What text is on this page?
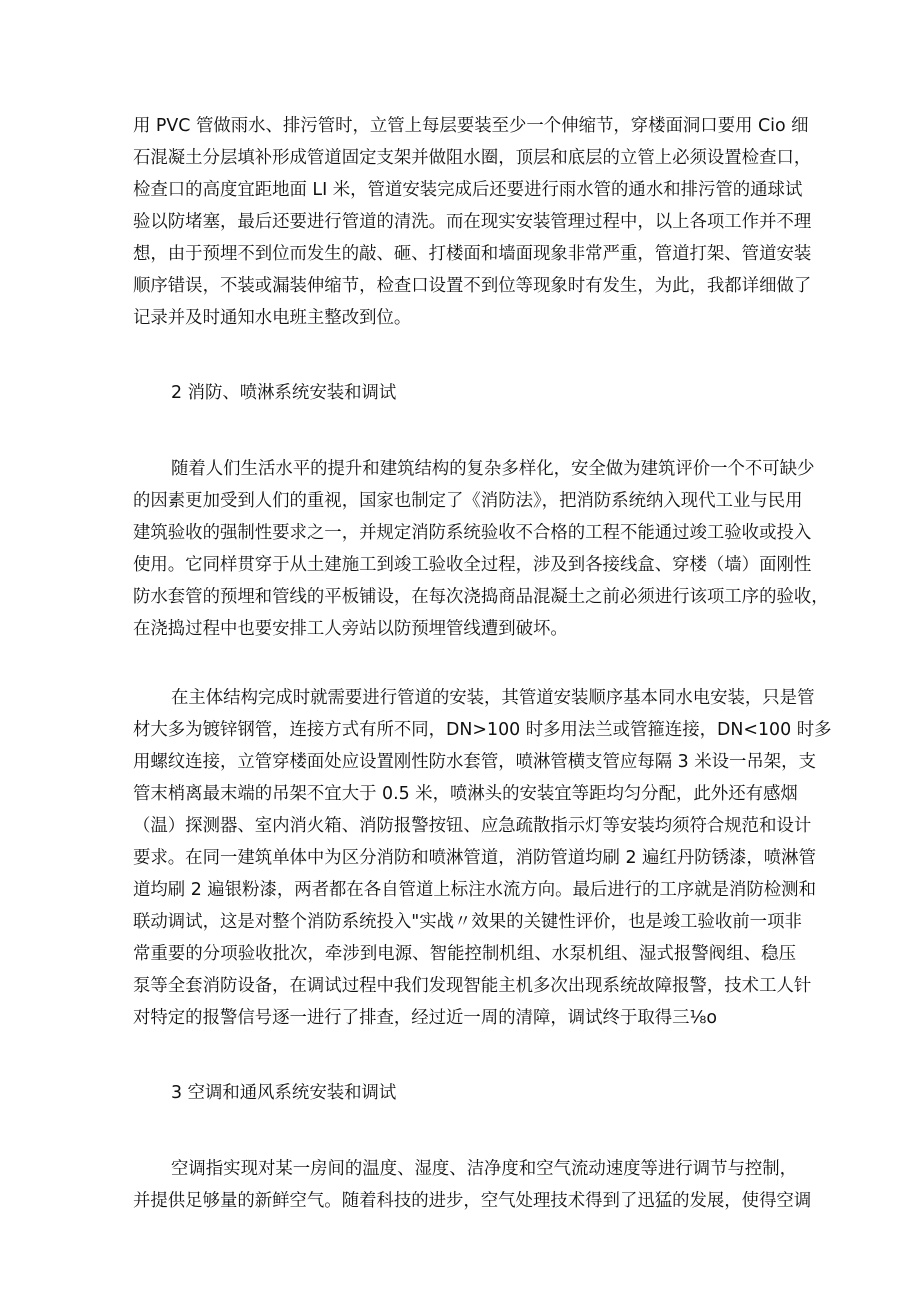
用 PVC 管做雨水、排污管时，立管上每层要装至少一个伸缩节，穿楼面洞口要用 Cio 细
石混凝土分层填补形成管道固定支架并做阻水圈，顶层和底层的立管上必须设置检查口，
检查口的高度宜距地面 LI 米，管道安装完成后还要进行雨水管的通水和排污管的通球试
验以防堵塞，最后还要进行管道的清洗。而在现实安装管理过程中，以上各项工作并不理
想，由于预埋不到位而发生的敲、砸、打楼面和墙面现象非常严重，管道打架、管道安装
顺序错误，不装或漏装伸缩节，检查口设置不到位等现象时有发生，为此，我都详细做了
记录并及时通知水电班主整改到位。
2 消防、喷淋系统安装和调试
随着人们生活水平的提升和建筑结构的复杂多样化，安全做为建筑评价一个不可缺少
的因素更加受到人们的重视，国家也制定了《消防法》，把消防系统纳入现代工业与民用
建筑验收的强制性要求之一，并规定消防系统验收不合格的工程不能通过竣工验收或投入
使用。它同样贯穿于从土建施工到竣工验收全过程，涉及到各接线盒、穿楼（墙）面刚性
防水套管的预埋和管线的平板铺设，在每次浇捣商品混凝土之前必须进行该项工序的验收，
在浇捣过程中也要安排工人旁站以防预埋管线遭到破坏。
在主体结构完成时就需要进行管道的安装，其管道安装顺序基本同水电安装，只是管
材大多为镀锌钢管，连接方式有所不同，DN>100 时多用法兰或管箍连接，DN<100 时多
用螺纹连接，立管穿楼面处应设置刚性防水套管，喷淋管横支管应每隔 3 米设一吊架，支
管末梢离最末端的吊架不宜大于 0.5 米，喷淋头的安装宜等距均匀分配，此外还有感烟
（温）探测器、室内消火箱、消防报警按钮、应急疏散指示灯等安装均须符合规范和设计
要求。在同一建筑单体中为区分消防和喷淋管道，消防管道均刷 2 遍红丹防锈漆，喷淋管
道均刷 2 遍银粉漆，两者都在各自管道上标注水流方向。最后进行的工序就是消防检测和
联动调试，这是对整个消防系统投入"实战〃效果的关键性评价，也是竣工验收前一项非
常重要的分项验收批次，牵涉到电源、智能控制机组、水泵机组、湿式报警阀组、稳压
泵等全套消防设备，在调试过程中我们发现智能主机多次出现系统故障报警，技术工人针
对特定的报警信号逐一进行了排查，经过近一周的清障，调试终于取得三⅛o
3 空调和通风系统安装和调试
空调指实现对某一房间的温度、湿度、洁净度和空气流动速度等进行调节与控制，
并提供足够量的新鲜空气。随着科技的进步，空气处理技术得到了迅猛的发展，使得空调
